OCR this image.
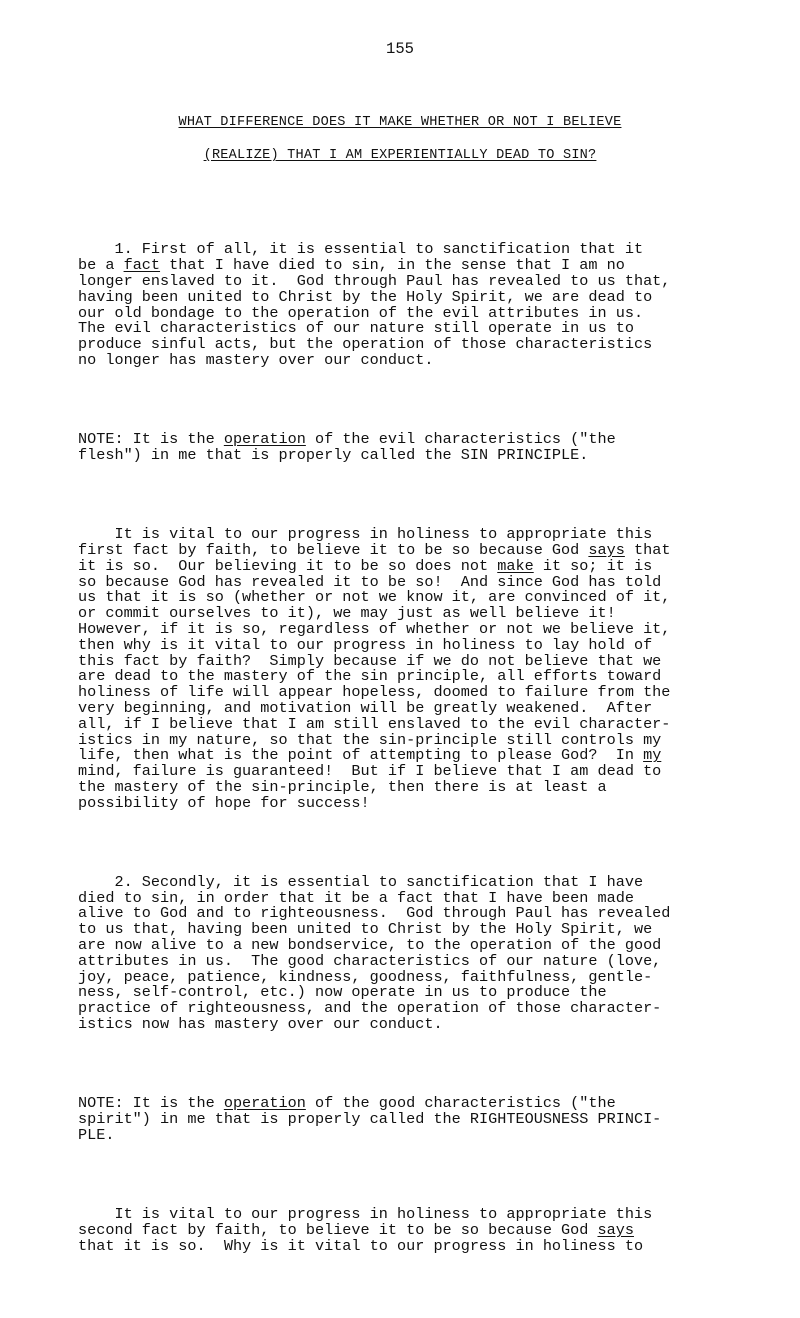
155
WHAT DIFFERENCE DOES IT MAKE WHETHER OR NOT I BELIEVE
(REALIZE) THAT I AM EXPERIENTIALLY DEAD TO SIN?

1. First of all, it is essential to sanctification that it
be a fact that I have died to sin, in the sense that I am no
longer enslaved to it.  God through Paul has revealed to us that,
having been united to Christ by the Holy Spirit, we are dead to
our old bondage to the operation of the evil attributes in us.
The evil characteristics of our nature still operate in us to
produce sinful acts, but the operation of those characteristics
no longer has mastery over our conduct.

NOTE: It is the operation of the evil characteristics ("the
flesh") in me that is properly called the SIN PRINCIPLE.

It is vital to our progress in holiness to appropriate this
first fact by faith, to believe it to be so because God says that
it is so.  Our believing it to be so does not make it so; it is
so because God has revealed it to be so!  And since God has told
us that it is so (whether or not we know it, are convinced of it,
or commit ourselves to it), we may just as well believe it!
However, if it is so, regardless of whether or not we believe it,
then why is it vital to our progress in holiness to lay hold of
this fact by faith?  Simply because if we do not believe that we
are dead to the mastery of the sin principle, all efforts toward
holiness of life will appear hopeless, doomed to failure from the
very beginning, and motivation will be greatly weakened.  After
all, if I believe that I am still enslaved to the evil character-
istics in my nature, so that the sin-principle still controls my
life, then what is the point of attempting to please God?  In my
mind, failure is guaranteed!  But if I believe that I am dead to
the mastery of the sin-principle, then there is at least a
possibility of hope for success!

2. Secondly, it is essential to sanctification that I have
died to sin, in order that it be a fact that I have been made
alive to God and to righteousness.  God through Paul has revealed
to us that, having been united to Christ by the Holy Spirit, we
are now alive to a new bondservice, to the operation of the good
attributes in us.  The good characteristics of our nature (love,
joy, peace, patience, kindness, goodness, faithfulness, gentle-
ness, self-control, etc.) now operate in us to produce the
practice of righteousness, and the operation of those character-
istics now has mastery over our conduct.

NOTE: It is the operation of the good characteristics ("the
spirit") in me that is properly called the RIGHTEOUSNESS PRINCI-
PLE.

It is vital to our progress in holiness to appropriate this
second fact by faith, to believe it to be so because God says
that it is so.  Why is it vital to our progress in holiness to
